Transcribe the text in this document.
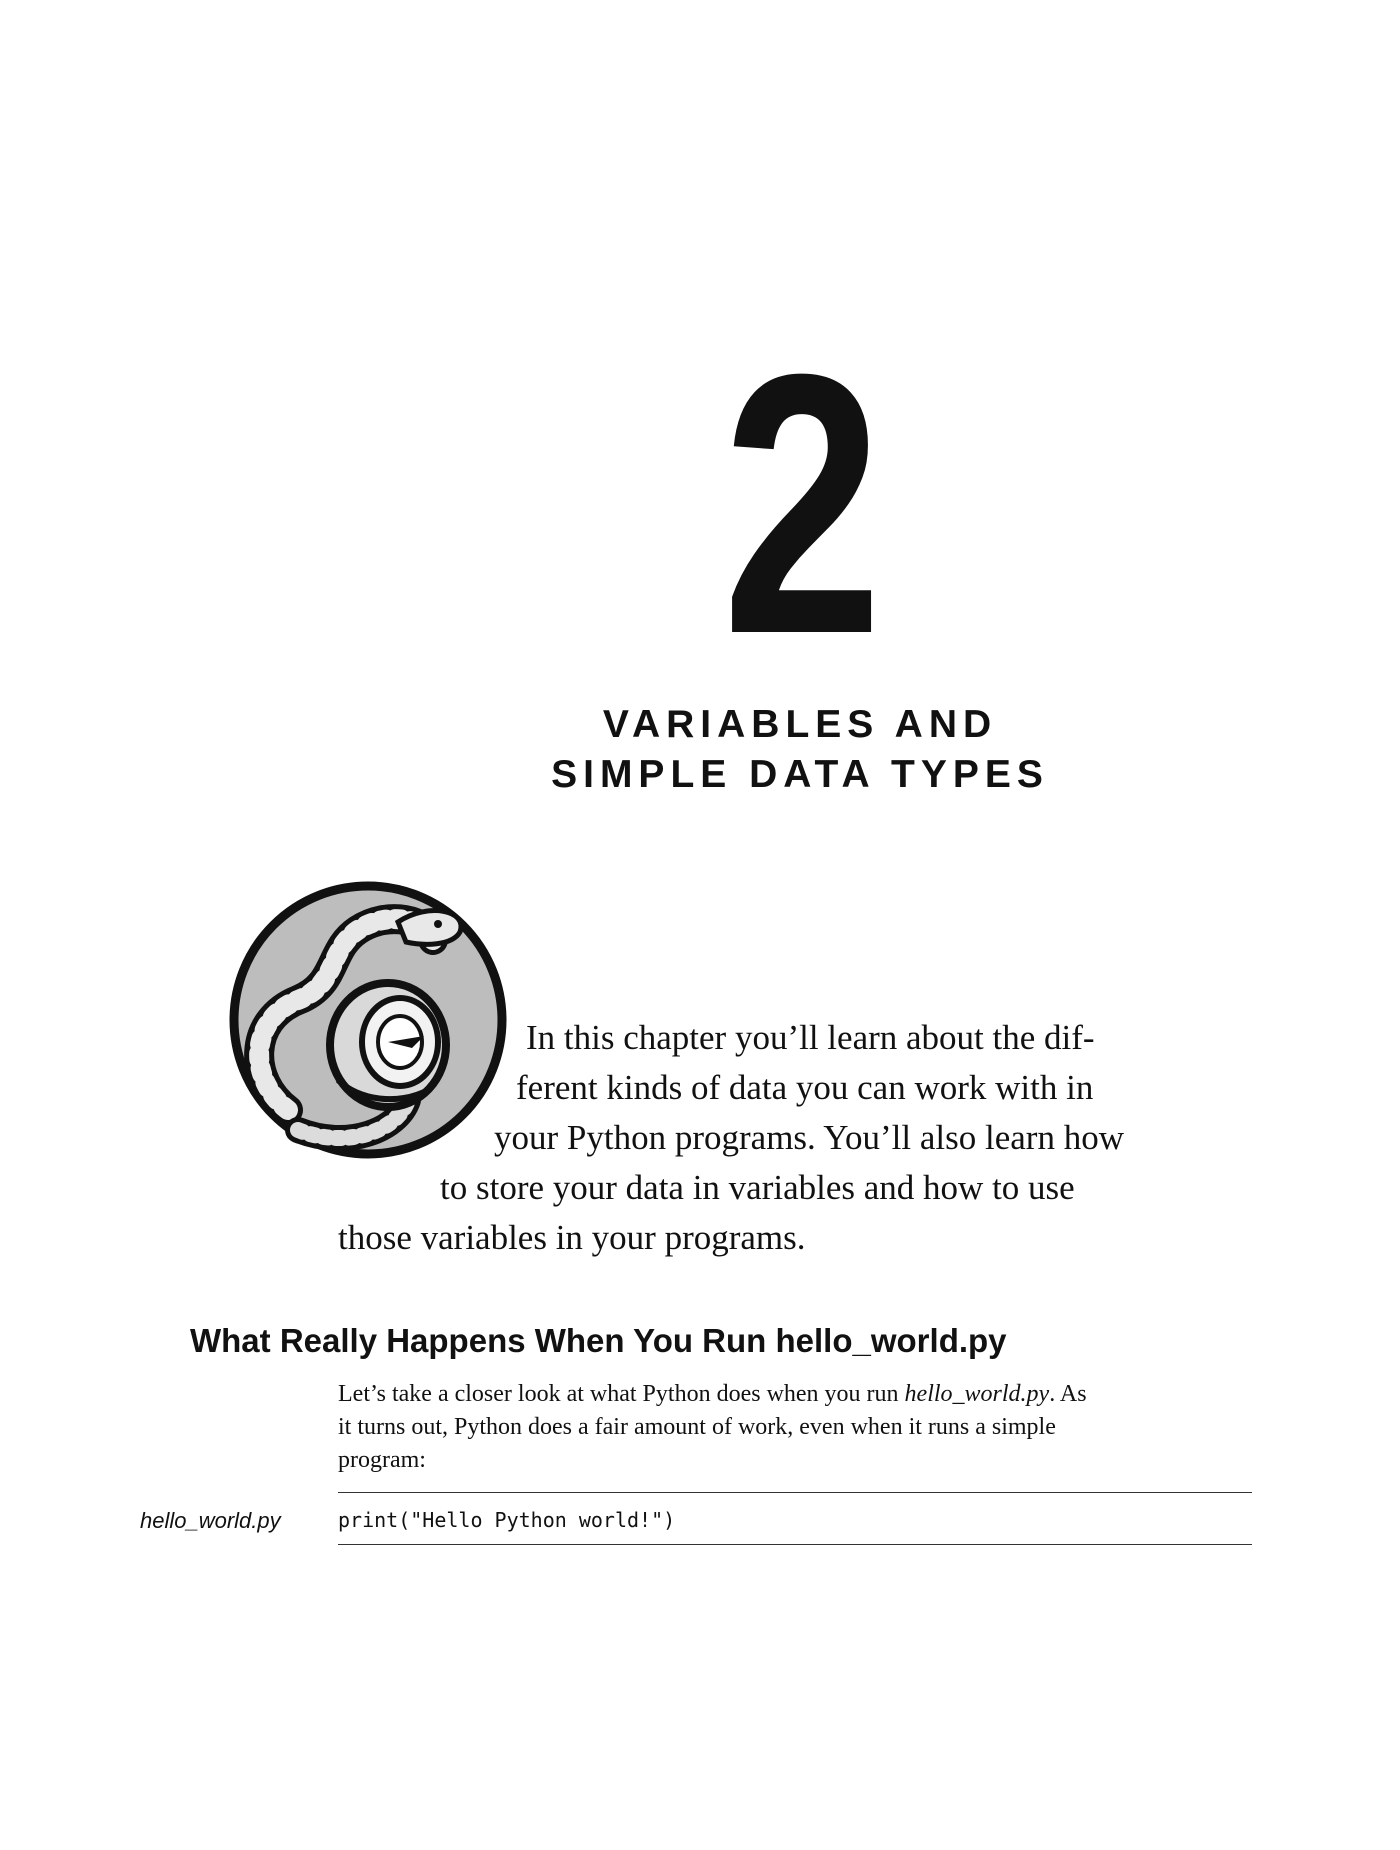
2
VARIABLES AND
SIMPLE DATA TYPES
In this chapter you’ll learn about the dif-
ferent kinds of data you can work with in
your Python programs. You’ll also learn how
to store your data in variables and how to use
those variables in your programs.
What Really Happens When You Run hello_world.py
Let’s take a closer look at what Python does when you run hello_world.py. As
it turns out, Python does a fair amount of work, even when it runs a simple
program:
hello_world.py	print("Hello Python world!")
